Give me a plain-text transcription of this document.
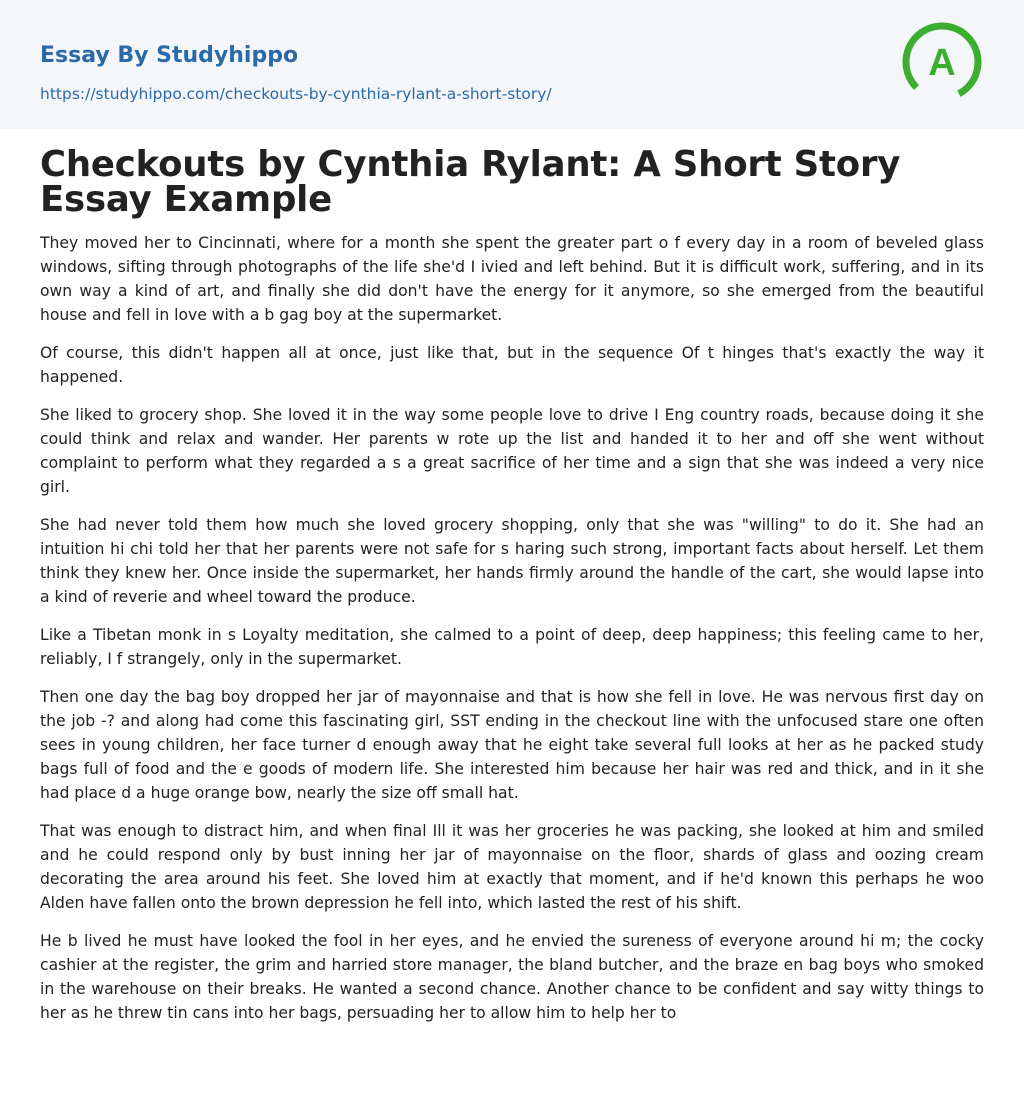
Essay By Studyhippo
https://studyhippo.com/checkouts-by-cynthia-rylant-a-short-story/
A
Checkouts by Cynthia Rylant: A Short Story Essay Example

They moved her to Cincinnati, where for a month she spent the greater part o f every day in a room of beveled glass windows, sifting through photographs of the life she'd I ivied and left behind. But it is difficult work, suffering, and in its own way a kind of art, and finally she did don't have the energy for it anymore, so she emerged from the beautiful house and fell in love with a b gag boy at the supermarket.

Of course, this didn't happen all at once, just like that, but in the sequence Of t hinges that's exactly the way it happened.

She liked to grocery shop. She loved it in the way some people love to drive I Eng country roads, because doing it she could think and relax and wander. Her parents w rote up the list and handed it to her and off she went without complaint to perform what they regarded a s a great sacrifice of her time and a sign that she was indeed a very nice girl.

She had never told them how much she loved grocery shopping, only that she was "willing" to do it. She had an intuition hi chi told her that her parents were not safe for s haring such strong, important facts about herself. Let them think they knew her. Once inside the supermarket, her hands firmly around the handle of the cart, she would lapse into a kind of reverie and wheel toward the produce.

Like a Tibetan monk in s Loyalty meditation, she calmed to a point of deep, deep happiness; this feeling came to her, reliably, I f strangely, only in the supermarket.

Then one day the bag boy dropped her jar of mayonnaise and that is how she fell in love. He was nervous first day on the job -? and along had come this fascinating girl, SST ending in the checkout line with the unfocused stare one often sees in young children, her face turner d enough away that he eight take several full looks at her as he packed study bags full of food and the e goods of modern life. She interested him because her hair was red and thick, and in it she had place d a huge orange bow, nearly the size off small hat.

That was enough to distract him, and when final Ill it was her groceries he was packing, she looked at him and smiled and he could respond only by bust inning her jar of mayonnaise on the floor, shards of glass and oozing cream decorating the area around his feet. She loved him at exactly that moment, and if he'd known this perhaps he woo Alden have fallen onto the brown depression he fell into, which lasted the rest of his shift.

He b lived he must have looked the fool in her eyes, and he envied the sureness of everyone around hi m; the cocky cashier at the register, the grim and harried store manager, the bland butcher, and the braze en bag boys who smoked in the warehouse on their breaks. He wanted a second chance. Another chance to be confident and say witty things to her as he threw tin cans into her bags, persuading her to allow him to help her to
